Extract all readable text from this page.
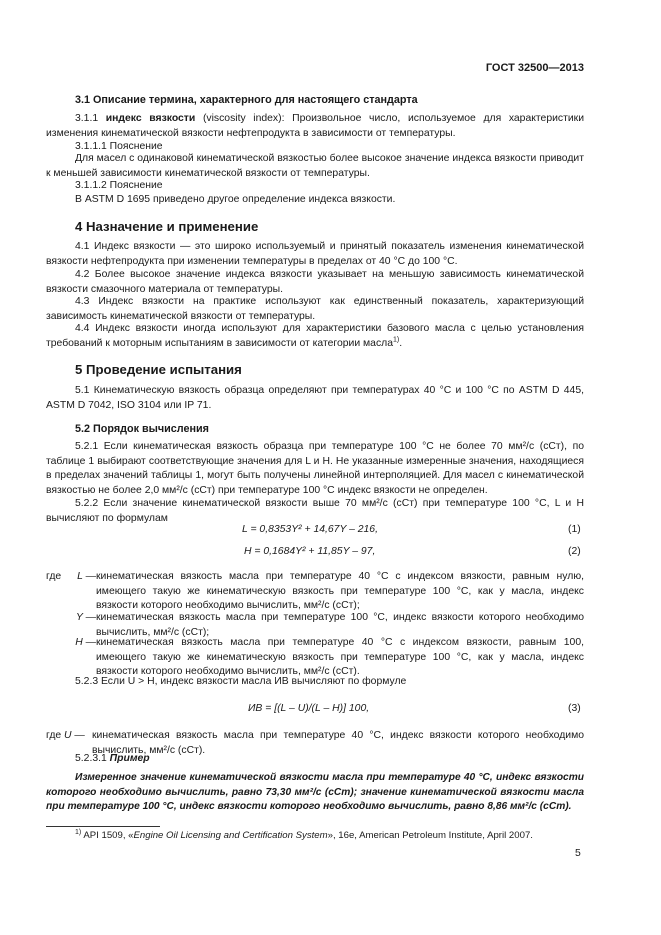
ГОСТ 32500—2013

3.1 Описание термина, характерного для настоящего стандарта

3.1.1 индекс вязкости (viscosity index): Произвольное число, используемое для характеристики изменения кинематической вязкости нефтепродукта в зависимости от температуры.

3.1.1.1 Пояснение

Для масел с одинаковой кинематической вязкостью более высокое значение индекса вязкости приводит к меньшей зависимости кинематической вязкости от температуры.

3.1.1.2 Пояснение

В ASTM D 1695 приведено другое определение индекса вязкости.

4 Назначение и применение

4.1 Индекс вязкости — это широко используемый и принятый показатель изменения кинематической вязкости нефтепродукта при изменении температуры в пределах от 40 °С до 100 °С.

4.2 Более высокое значение индекса вязкости указывает на меньшую зависимость кинематической вязкости смазочного материала от температуры.

4.3 Индекс вязкости на практике используют как единственный показатель, характеризующий зависимость кинематической вязкости от температуры.

4.4 Индекс вязкости иногда используют для характеристики базового масла с целью установления требований к моторным испытаниям в зависимости от категории масла$^{1)}$.

5 Проведение испытания

5.1 Кинематическую вязкость образца определяют при температурах 40 °С и 100 °С по ASTM D 445, ASTM D 7042, ISO 3104 или IP 71.

5.2 Порядок вычисления

5.2.1 Если кинематическая вязкость образца при температуре 100 °С не более 70 мм²/с (сСт), по таблице 1 выбирают соответствующие значения для L и H. Не указанные измеренные значения, находящиеся в пределах значений таблицы 1, могут быть получены линейной интерполяцией. Для масел с кинематической вязкостью не более 2,0 мм²/с (сСт) при температуре 100 °С индекс вязкости не определен.

5.2.2 Если значение кинематической вязкости выше 70 мм²/с (сСт) при температуре 100 °С, L и H вычисляют по формулам

L = 0,8353Y² + 14,67Y – 216,	(1)
H = 0,1684Y² + 11,85Y – 97,	(2)
где	L — кинематическая вязкость масла при температуре 40 °С с индексом вязкости, равным нулю, имеющего такую же кинематическую вязкость при температуре 100 °С, как у масла, индекс вязкости которого необходимо вычислить, мм²/с (сСт);
Y — кинематическая вязкость масла при температуре 100 °С, индекс вязкости которого необходимо вычислить, мм²/с (сСт);
H — кинематическая вязкость масла при температуре 40 °С с индексом вязкости, равным 100, имеющего такую же кинематическую вязкость при температуре 100 °С, как у масла, индекс вязкости которого необходимо вычислить, мм²/с (сСт).

5.2.3 Если U > H, индекс вязкости масла ИВ вычисляют по формуле

ИВ = [(L – U)/(L – H)] 100,	(3)
где U — кинематическая вязкость масла при температуре 40 °С, индекс вязкости которого необходимо вычислить, мм²/с (сСт).

5.2.3.1 Пример

Измеренное значение кинематической вязкости масла при температуре 40 °С, индекс вязкости которого необходимо вычислить, равно 73,30 мм²/с (сСт); значение кинематической вязкости масла при температуре 100 °С, индекс вязкости которого необходимо вычислить, равно 8,86 мм²/с (сСт).

$^{1)}$ API 1509, «Engine Oil Licensing and Certification System», 16e, American Petroleum Institute, April 2007.

5
